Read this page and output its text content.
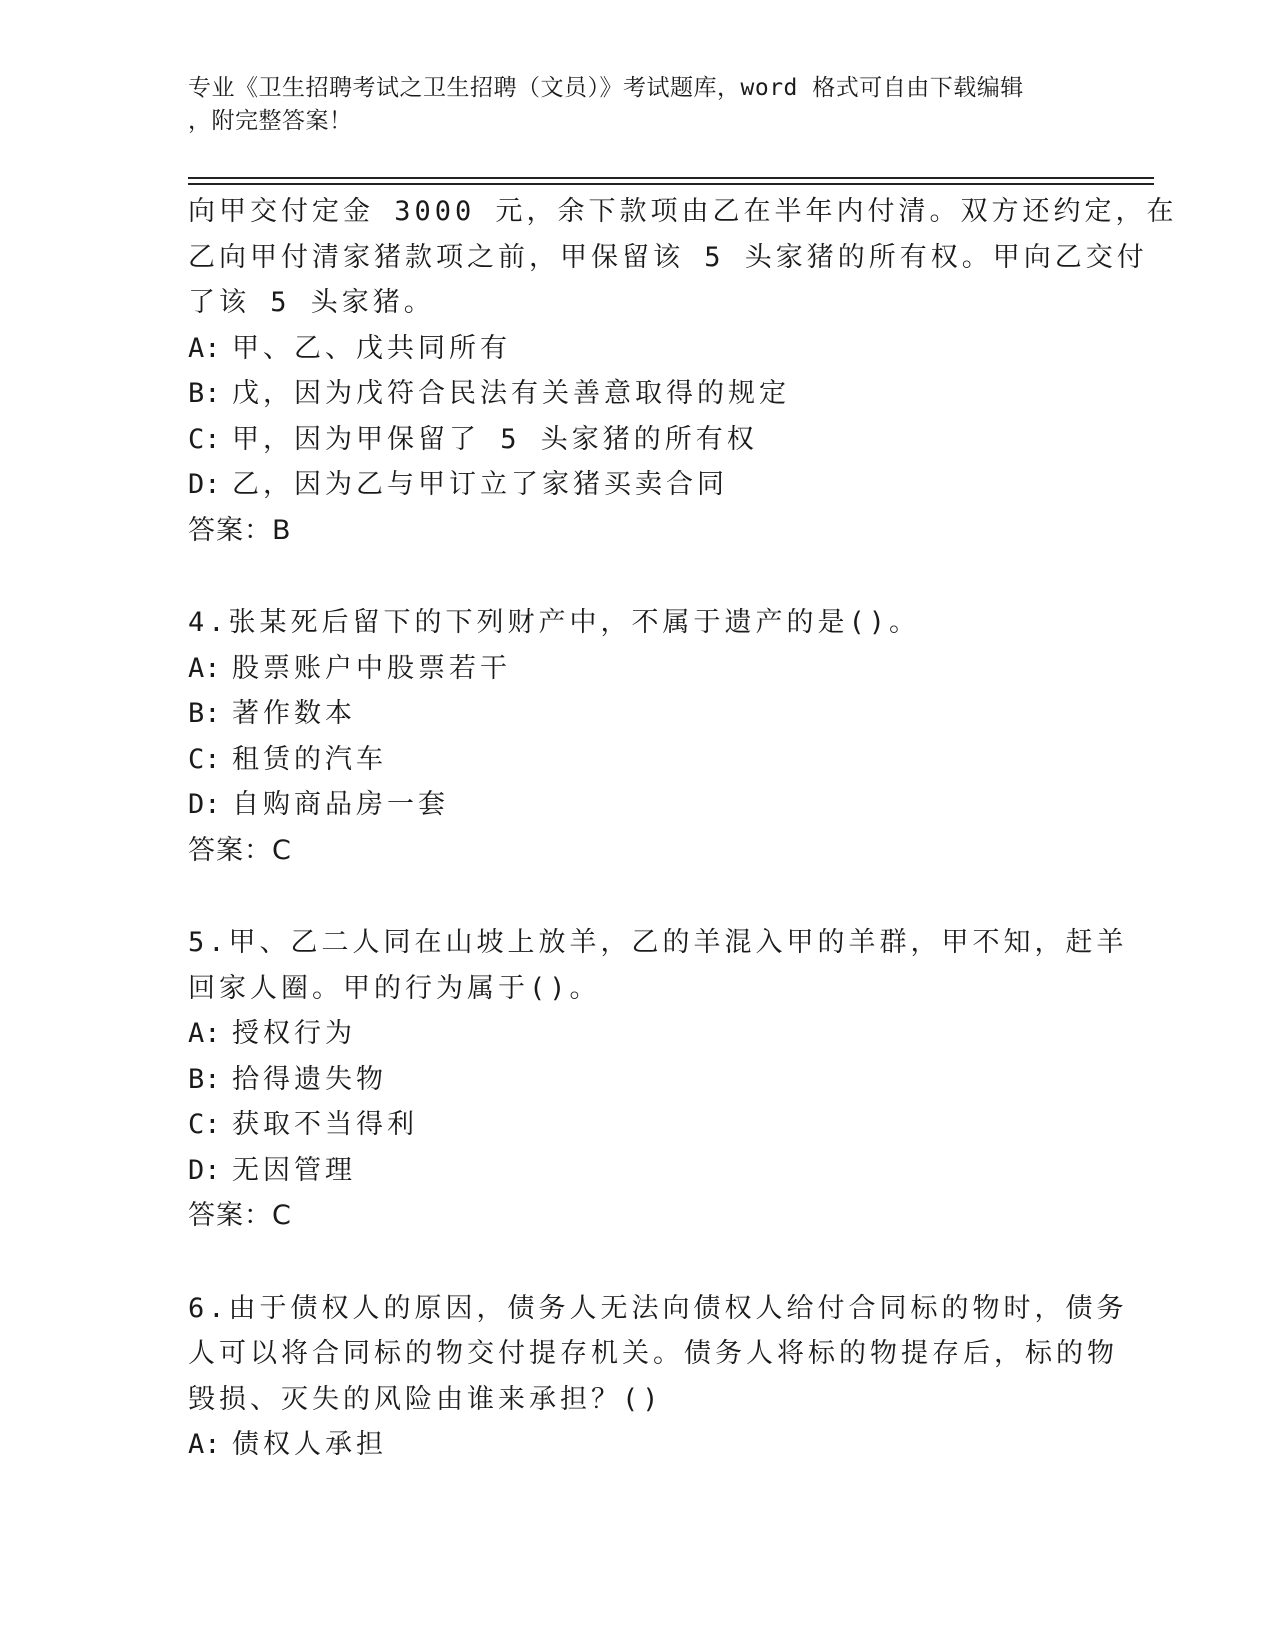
专业《卫生招聘考试之卫生招聘（文员）》考试题库，word 格式可自由下载编辑
，附完整答案！
向甲交付定金 3000 元，余下款项由乙在半年内付清。双方还约定，在
乙向甲付清家猪款项之前，甲保留该 5 头家猪的所有权。甲向乙交付
了该 5 头家猪。
A: 甲、乙、戊共同所有
B: 戊，因为戊符合民法有关善意取得的规定
C: 甲，因为甲保留了 5 头家猪的所有权
D: 乙，因为乙与甲订立了家猪买卖合同
答案：B
4.张某死后留下的下列财产中，不属于遗产的是()。
A: 股票账户中股票若干
B: 著作数本
C: 租赁的汽车
D: 自购商品房一套
答案：C
5.甲、乙二人同在山坡上放羊，乙的羊混入甲的羊群，甲不知，赶羊
回家人圈。甲的行为属于()。
A: 授权行为
B: 拾得遗失物
C: 获取不当得利
D: 无因管理
答案：C
6.由于债权人的原因，债务人无法向债权人给付合同标的物时，债务
人可以将合同标的物交付提存机关。债务人将标的物提存后，标的物
毁损、灭失的风险由谁来承担？()
A: 债权人承担
